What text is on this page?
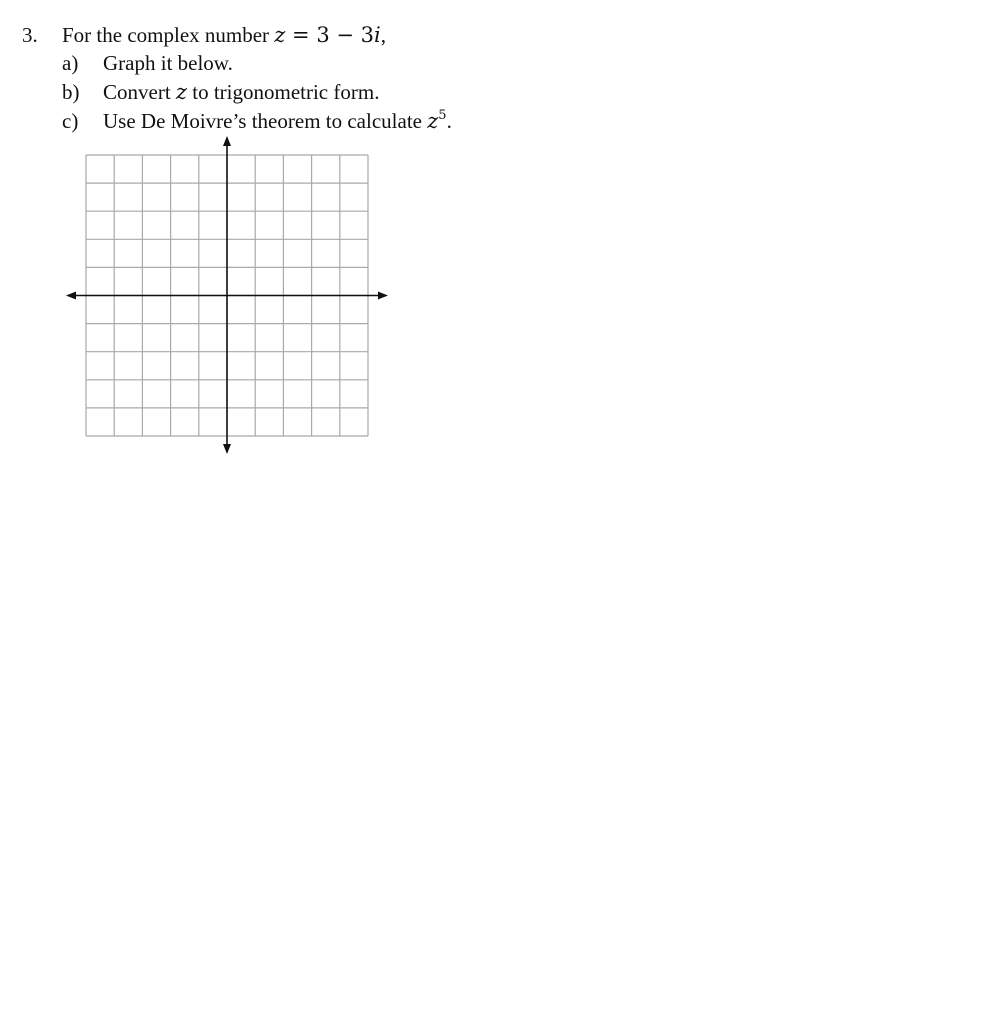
3. For the complex number z = 3 − 3i,
a) Graph it below.
b) Convert z to trigonometric form.
c) Use De Moivre’s theorem to calculate $z^5$.
